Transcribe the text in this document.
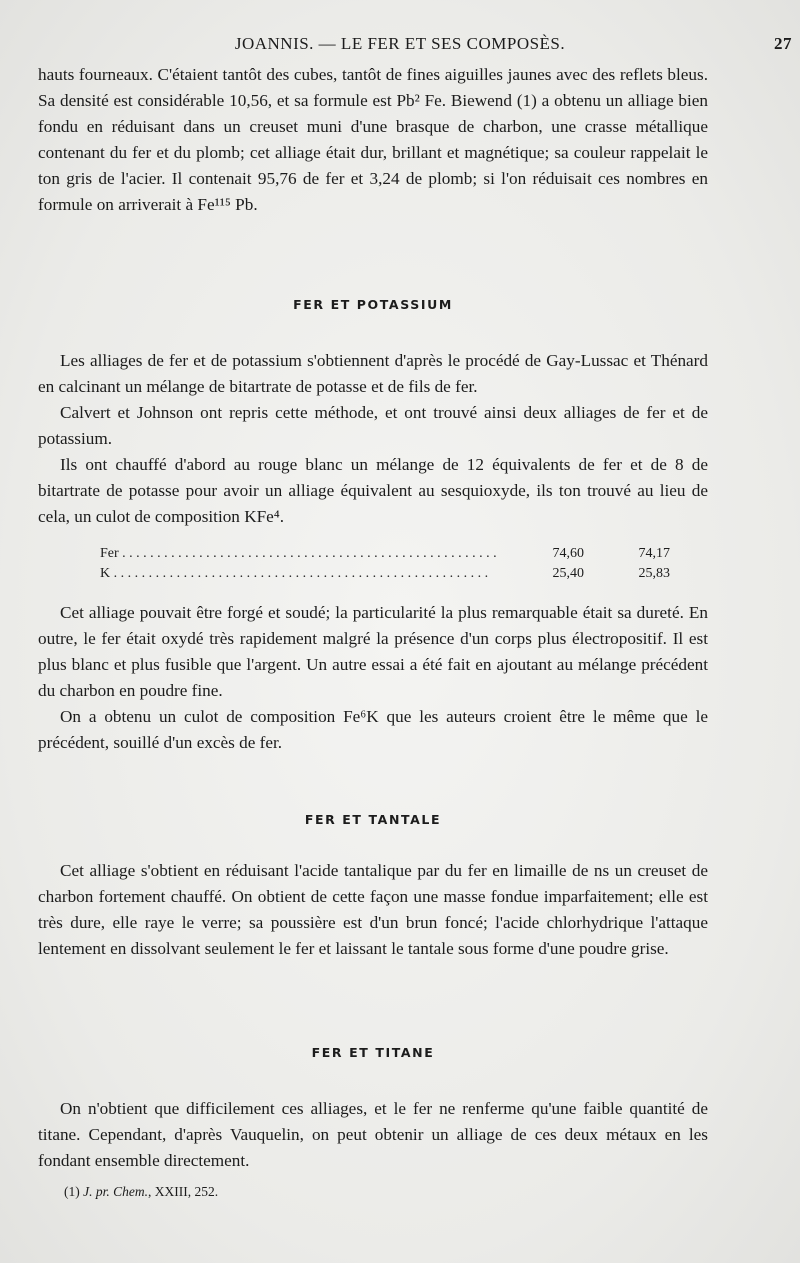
JOANNIS. — LE FER ET SES COMPOSÈS.	27

hauts fourneaux. C'étaient tantôt des cubes, tantôt de fines aiguilles jaunes avec des reflets bleus. Sa densité est considérable 10,56, et sa formule est Pb² Fe. Biewend (1) a obtenu un alliage bien fondu en réduisant dans un creuset muni d'une brasque de charbon, une crasse métallique contenant du fer et du plomb; cet alliage était dur, brillant et magnétique; sa couleur rappelait le ton gris de l'acier. Il contenait 95,76 de fer et 3,24 de plomb; si l'on réduisait ces nombres en formule on arriverait à Fe¹¹⁵ Pb.

FER ET POTASSIUM

Les alliages de fer et de potassium s'obtiennent d'après le procédé de Gay-Lussac et Thénard en calcinant un mélange de bitartrate de potasse et de fils de fer.

Calvert et Johnson ont repris cette méthode, et ont trouvé ainsi deux alliages de fer et de potassium.

Ils ont chauffé d'abord au rouge blanc un mélange de 12 équivalents de fer et de 8 de bitartrate de potasse pour avoir un alliage équivalent au sesquioxyde, ils ton trouvé au lieu de cela, un culot de composition KFe⁴.

Fer . . . . . . . . . . . . . . . . . . . . . . . . . . . . . . . . . . . . . . . . . . . . . . . . . . . . . .	74,60	74,17
K . . . . . . . . . . . . . . . . . . . . . . . . . . . . . . . . . . . . . . . . . . . . . . . . . . . . . .	25,40	25,83

Cet alliage pouvait être forgé et soudé; la particularité la plus remarquable était sa dureté. En outre, le fer était oxydé très rapidement malgré la présence d'un corps plus électropositif. Il est plus blanc et plus fusible que l'argent. Un autre essai a été fait en ajoutant au mélange précédent du charbon en poudre fine.

On a obtenu un culot de composition Fe⁶K que les auteurs croient être le même que le précédent, souillé d'un excès de fer.

FER ET TANTALE

Cet alliage s'obtient en réduisant l'acide tantalique par du fer en limaille de ns un creuset de charbon fortement chauffé. On obtient de cette façon une masse fondue imparfaitement; elle est très dure, elle raye le verre; sa poussière est d'un brun foncé; l'acide chlorhydrique l'attaque lentement en dissolvant seulement le fer et laissant le tantale sous forme d'une poudre grise.

FER ET TITANE

On n'obtient que difficilement ces alliages, et le fer ne renferme qu'une faible quantité de titane. Cependant, d'après Vauquelin, on peut obtenir un alliage de ces deux métaux en les fondant ensemble directement.

(1) J. pr. Chem., XXIII, 252.
